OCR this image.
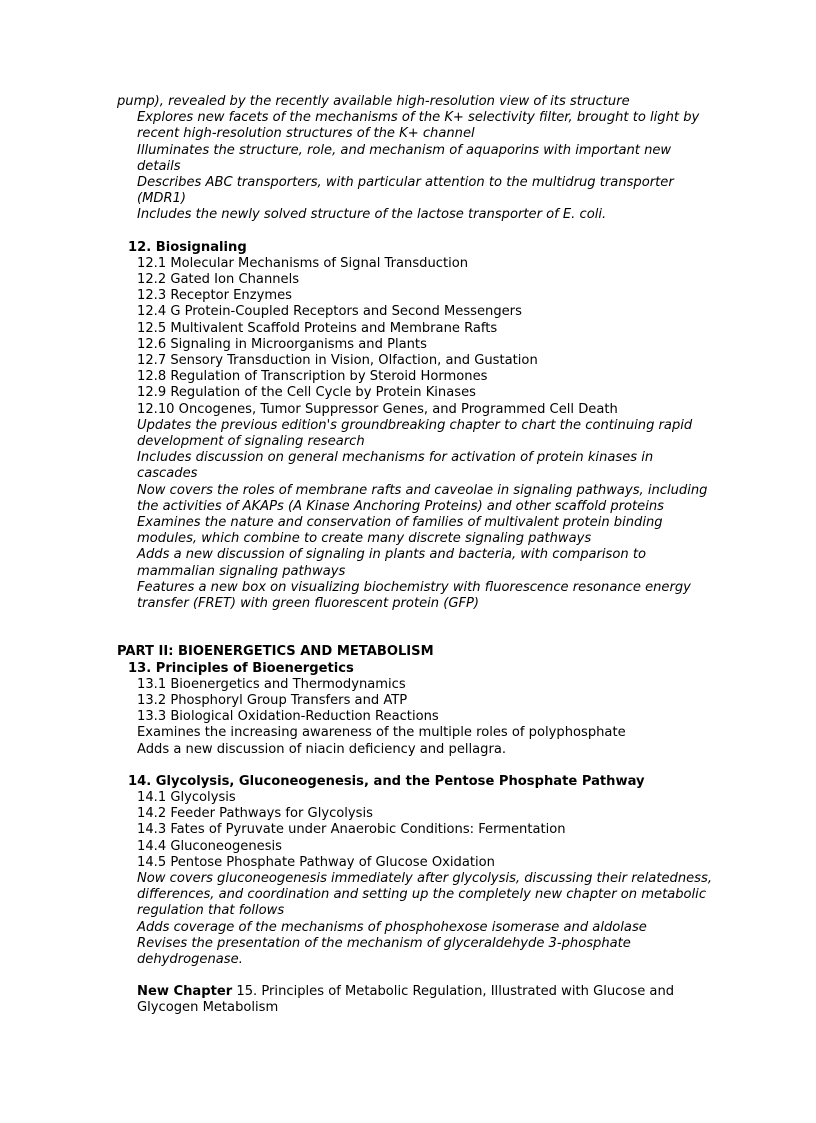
pump), revealed by the recently available high-resolution view of its structure

Explores new facets of the mechanisms of the K+ selectivity filter, brought to light by recent high-resolution structures of the K+ channel

Illuminates the structure, role, and mechanism of aquaporins with important new details

Describes ABC transporters, with particular attention to the multidrug transporter (MDR1)

Includes the newly solved structure of the lactose transporter of E. coli.

12. Biosignaling

12.1 Molecular Mechanisms of Signal Transduction

12.2 Gated Ion Channels

12.3 Receptor Enzymes

12.4 G Protein-Coupled Receptors and Second Messengers

12.5 Multivalent Scaffold Proteins and Membrane Rafts

12.6 Signaling in Microorganisms and Plants

12.7 Sensory Transduction in Vision, Olfaction, and Gustation

12.8 Regulation of Transcription by Steroid Hormones

12.9 Regulation of the Cell Cycle by Protein Kinases

12.10 Oncogenes, Tumor Suppressor Genes, and Programmed Cell Death

Updates the previous edition's groundbreaking chapter to chart the continuing rapid development of signaling research

Includes discussion on general mechanisms for activation of protein kinases in cascades

Now covers the roles of membrane rafts and caveolae in signaling pathways, including the activities of AKAPs (A Kinase Anchoring Proteins) and other scaffold proteins

Examines the nature and conservation of families of multivalent protein binding modules, which combine to create many discrete signaling pathways

Adds a new discussion of signaling in plants and bacteria, with comparison to mammalian signaling pathways

Features a new box on visualizing biochemistry with fluorescence resonance energy transfer (FRET) with green fluorescent protein (GFP)

PART II: BIOENERGETICS AND METABOLISM

13. Principles of Bioenergetics

13.1 Bioenergetics and Thermodynamics

13.2 Phosphoryl Group Transfers and ATP

13.3 Biological Oxidation-Reduction Reactions

Examines the increasing awareness of the multiple roles of polyphosphate

Adds a new discussion of niacin deficiency and pellagra.

14. Glycolysis, Gluconeogenesis, and the Pentose Phosphate Pathway

14.1 Glycolysis

14.2 Feeder Pathways for Glycolysis

14.3 Fates of Pyruvate under Anaerobic Conditions: Fermentation

14.4 Gluconeogenesis

14.5 Pentose Phosphate Pathway of Glucose Oxidation

Now covers gluconeogenesis immediately after glycolysis, discussing their relatedness, differences, and coordination and setting up the completely new chapter on metabolic regulation that follows

Adds coverage of the mechanisms of phosphohexose isomerase and aldolase

Revises the presentation of the mechanism of glyceraldehyde 3-phosphate dehydrogenase.

New Chapter 15. Principles of Metabolic Regulation, Illustrated with Glucose and Glycogen Metabolism
